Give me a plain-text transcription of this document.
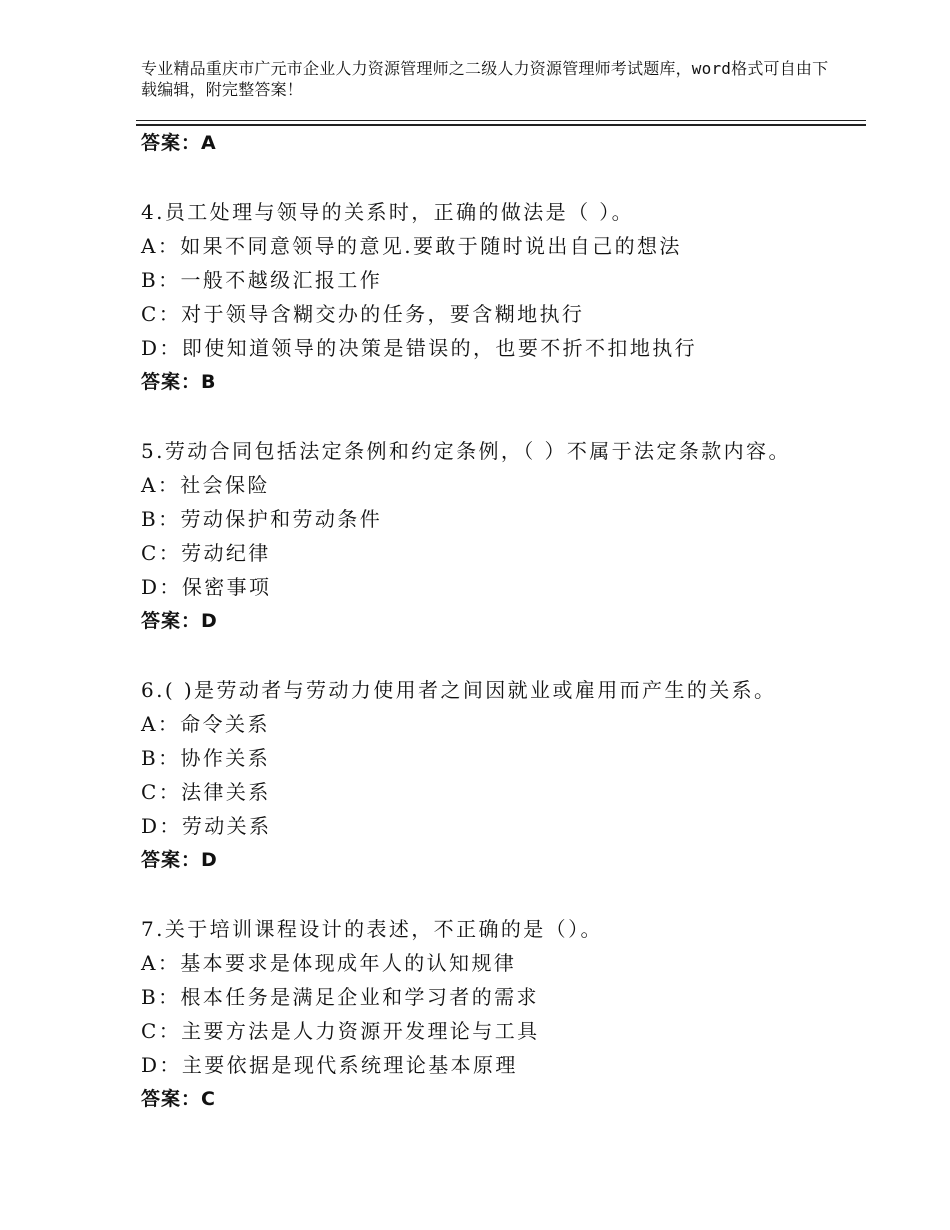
专业精品重庆市广元市企业人力资源管理师之二级人力资源管理师考试题库，word格式可自由下载编辑，附完整答案！
答案：A
4.员工处理与领导的关系时，正确的做法是（ ）。
A：如果不同意领导的意见.要敢于随时说出自己的想法
B：一般不越级汇报工作
C：对于领导含糊交办的任务，要含糊地执行
D：即使知道领导的决策是错误的，也要不折不扣地执行
答案：B
5.劳动合同包括法定条例和约定条例，（ ）不属于法定条款内容。
A：社会保险
B：劳动保护和劳动条件
C：劳动纪律
D：保密事项
答案：D
6.( )是劳动者与劳动力使用者之间因就业或雇用而产生的关系。
A：命令关系
B：协作关系
C：法律关系
D：劳动关系
答案：D
7.关于培训课程设计的表述，不正确的是（）。
A：基本要求是体现成年人的认知规律
B：根本任务是满足企业和学习者的需求
C：主要方法是人力资源开发理论与工具
D：主要依据是现代系统理论基本原理
答案：C
